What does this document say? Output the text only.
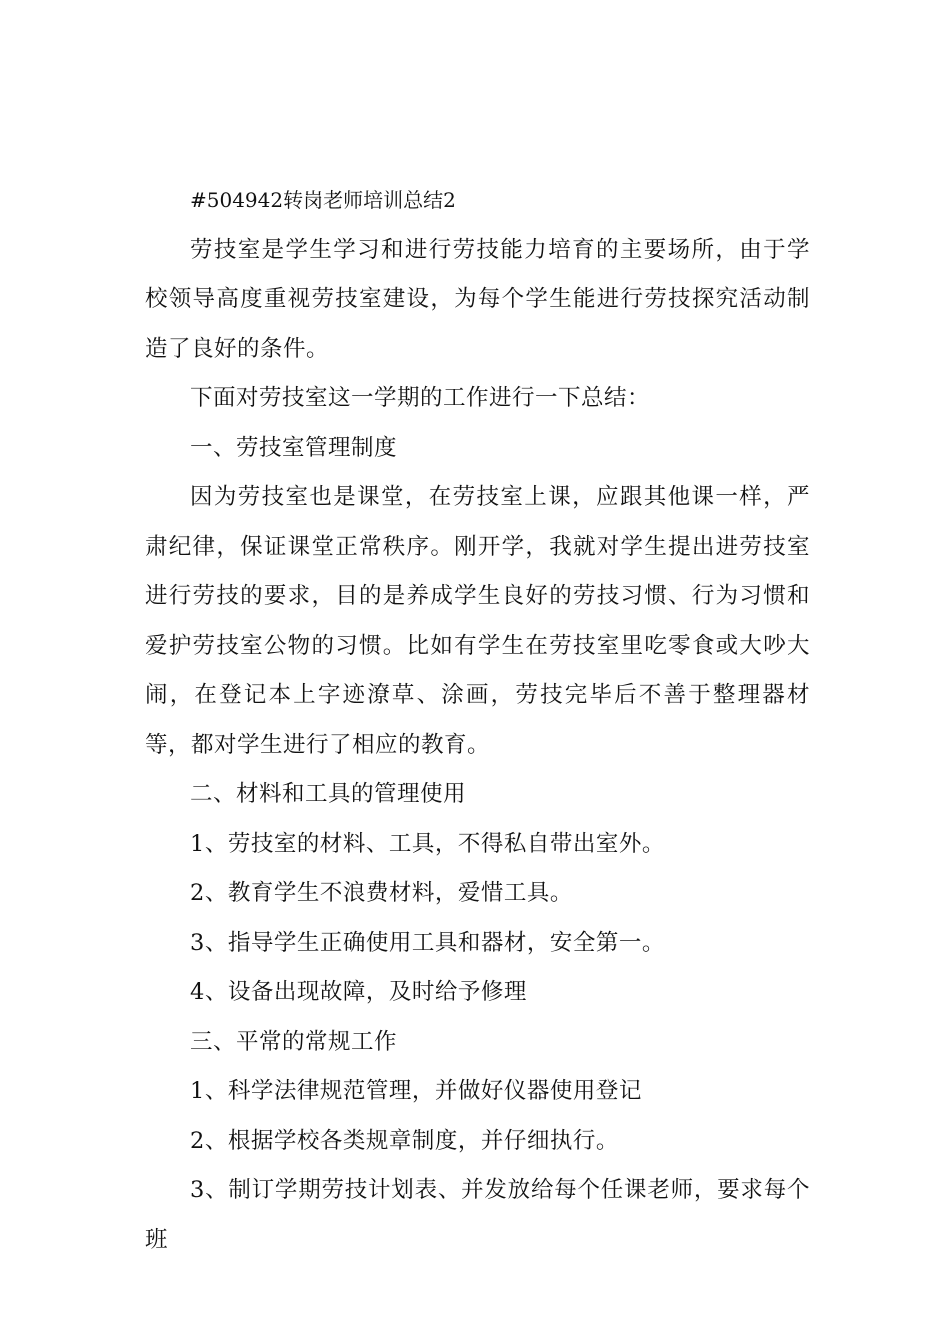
#504942转岗老师培训总结2

劳技室是学生学习和进行劳技能力培育的主要场所，由于学校领导高度重视劳技室建设，为每个学生能进行劳技探究活动制造了良好的条件。

下面对劳技室这一学期的工作进行一下总结：

一、劳技室管理制度

因为劳技室也是课堂，在劳技室上课，应跟其他课一样，严肃纪律，保证课堂正常秩序。刚开学，我就对学生提出进劳技室进行劳技的要求，目的是养成学生良好的劳技习惯、行为习惯和爱护劳技室公物的习惯。比如有学生在劳技室里吃零食或大吵大闹，在登记本上字迹潦草、涂画，劳技完毕后不善于整理器材等，都对学生进行了相应的教育。

二、材料和工具的管理使用

1、劳技室的材料、工具，不得私自带出室外。

2、教育学生不浪费材料，爱惜工具。

3、指导学生正确使用工具和器材，安全第一。

4、设备出现故障，及时给予修理

三、平常的常规工作

1、科学法律规范管理，并做好仪器使用登记

2、根据学校各类规章制度，并仔细执行。

3、制订学期劳技计划表、并发放给每个任课老师，要求每个班
